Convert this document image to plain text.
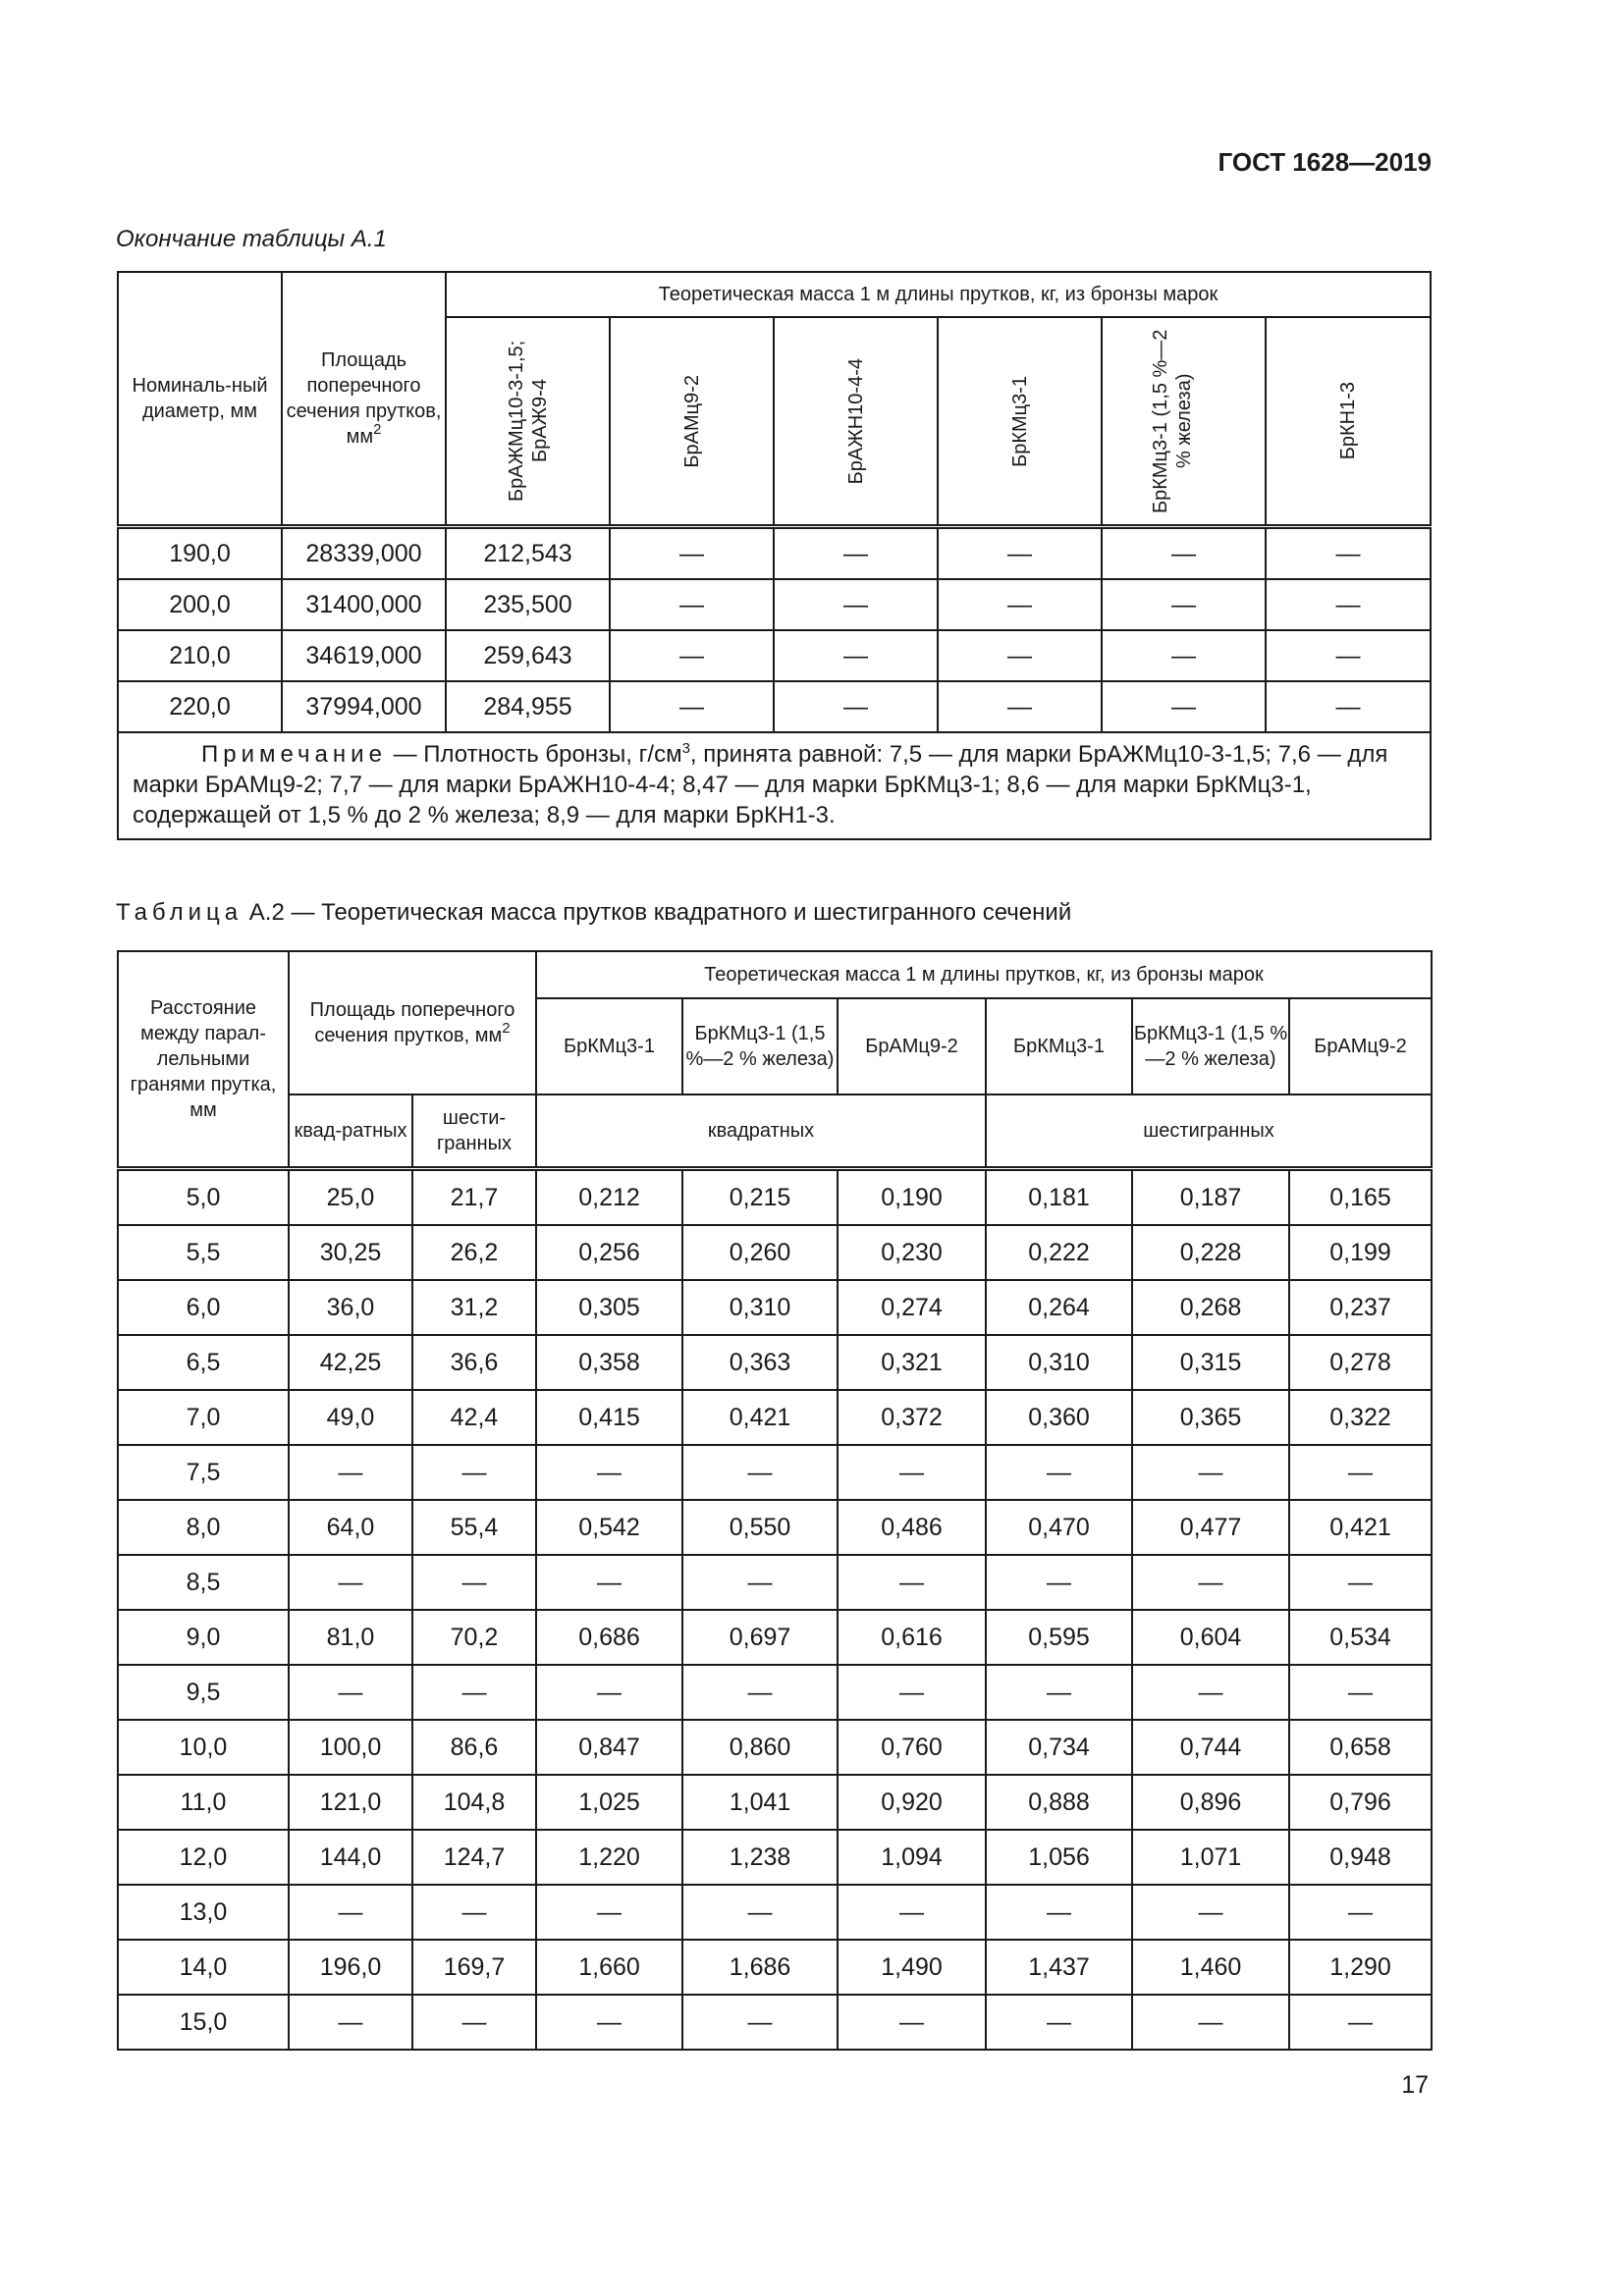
ГОСТ 1628—2019
Окончание таблицы А.1
Номиналь-ный диаметр, мм	Площадь поперечного сечения прутков, $мм^2$	Теоретическая масса 1 м длины прутков, кг, из бронзы марок					

		БрАЖМц10-3-1,5; БрАЖ9-4	БрАМц9-2	БрАЖН10-4-4	БрКМц3-1	БрКМц3-1 (1,5 %—2 % железа)	БрКН1-3

190,0	28339,000	212,543	—	—	—	—	—
200,0	31400,000	235,500	—	—	—	—	—
210,0	34619,000	259,643	—	—	—	—	—
220,0	37994,000	284,955	—	—	—	—	—
Примечание — Плотность бронзы, $г/см^3$, принята равной: 7,5 — для марки БрАЖМц10-3-1,5; 7,6 — для марки БрАМц9-2; 7,7 — для марки БрАЖН10-4-4; 8,47 — для марки БрКМц3-1; 8,6 — для марки БрКМц3-1, содержащей от 1,5 % до 2 % железа; 8,9 — для марки БрКН1-3.							
Таблица А.2 — Теоретическая масса прутков квадратного и шестигранного сечений
Расстояние между парал-лельными гранями прутка, мм	Площадь поперечного сечения прутков, $мм^2$		Теоретическая масса 1 м длины прутков, кг, из бронзы марок					
			БрКМц3-1	БрКМц3-1 (1,5 %—2 % железа)	БрАМц9-2	БрКМц3-1	БрКМц3-1 (1,5 %—2 % железа)	БрАМц9-2
	квад-ратных	шести-гранных	квадратных			шестигранных		
5,0	25,0	21,7	0,212	0,215	0,190	0,181	0,187	0,165
5,5	30,25	26,2	0,256	0,260	0,230	0,222	0,228	0,199
6,0	36,0	31,2	0,305	0,310	0,274	0,264	0,268	0,237
6,5	42,25	36,6	0,358	0,363	0,321	0,310	0,315	0,278
7,0	49,0	42,4	0,415	0,421	0,372	0,360	0,365	0,322
7,5	—	—	—	—	—	—	—	—
8,0	64,0	55,4	0,542	0,550	0,486	0,470	0,477	0,421
8,5	—	—	—	—	—	—	—	—
9,0	81,0	70,2	0,686	0,697	0,616	0,595	0,604	0,534
9,5	—	—	—	—	—	—	—	—
10,0	100,0	86,6	0,847	0,860	0,760	0,734	0,744	0,658
11,0	121,0	104,8	1,025	1,041	0,920	0,888	0,896	0,796
12,0	144,0	124,7	1,220	1,238	1,094	1,056	1,071	0,948
13,0	—	—	—	—	—	—	—	—
14,0	196,0	169,7	1,660	1,686	1,490	1,437	1,460	1,290
15,0	—	—	—	—	—	—	—	—
17
